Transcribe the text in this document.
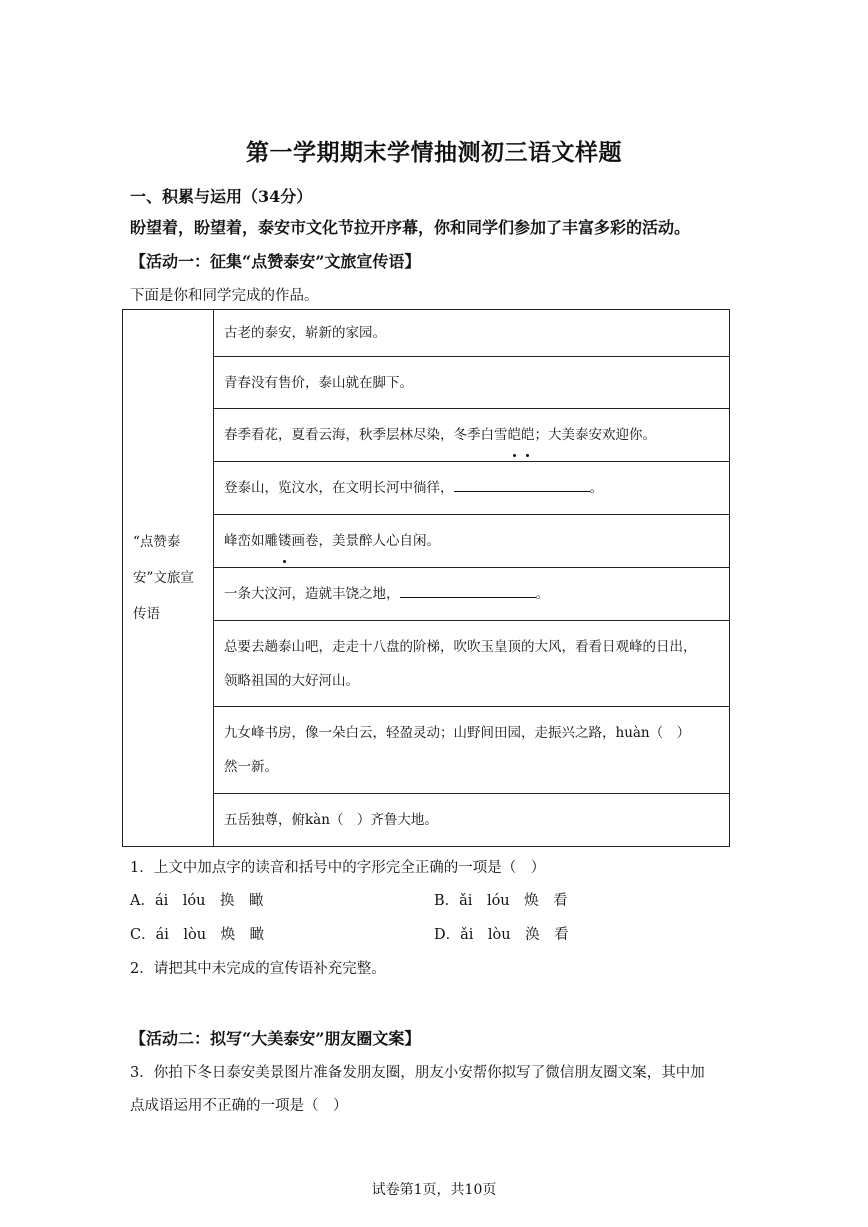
第一学期期末学情抽测初三语文样题
一、积累与运用（34分）
盼望着，盼望着，泰安市文化节拉开序幕，你和同学们参加了丰富多彩的活动。
【活动一：征集“点赞泰安”文旅宣传语】
下面是你和同学完成的作品。
“点赞泰安”文旅宣传语
	古老的泰安，崭新的家园。
青春没有售价，泰山就在脚下。
春季看花，夏看云海，秋季层林尽染，冬季白雪皑皑；大美泰安欢迎你。
登泰山，览汶水，在文明长河中徜徉，	。
峰峦如雕镂画卷，美景醉人心自闲。
一条大汶河，造就丰饶之地，	。

总要去趟泰山吧，走走十八盘的阶梯，吹吹玉皇顶的大风，看看日观峰的日出，
领略祖国的大好河山。

九女峰书房，像一朵白云，轻盈灵动；山野间田园，走振兴之路，huàn（　）
然一新。

五岳独尊，俯kàn（　）齐鲁大地。
1．上文中加点字的读音和括号中的字形完全正确的一项是（　）
A．ái　lóu　换　瞰	B．ǎi　lóu　焕　看
C．ái　lòu　焕　瞰	D．ǎi　lòu　涣　看
2．请把其中未完成的宣传语补充完整。
【活动二：拟写“大美泰安”朋友圈文案】
3．你拍下冬日泰安美景图片准备发朋友圈，朋友小安帮你拟写了微信朋友圈文案，其中加
点成语运用不正确的一项是（　）
试卷第1页，共10页
